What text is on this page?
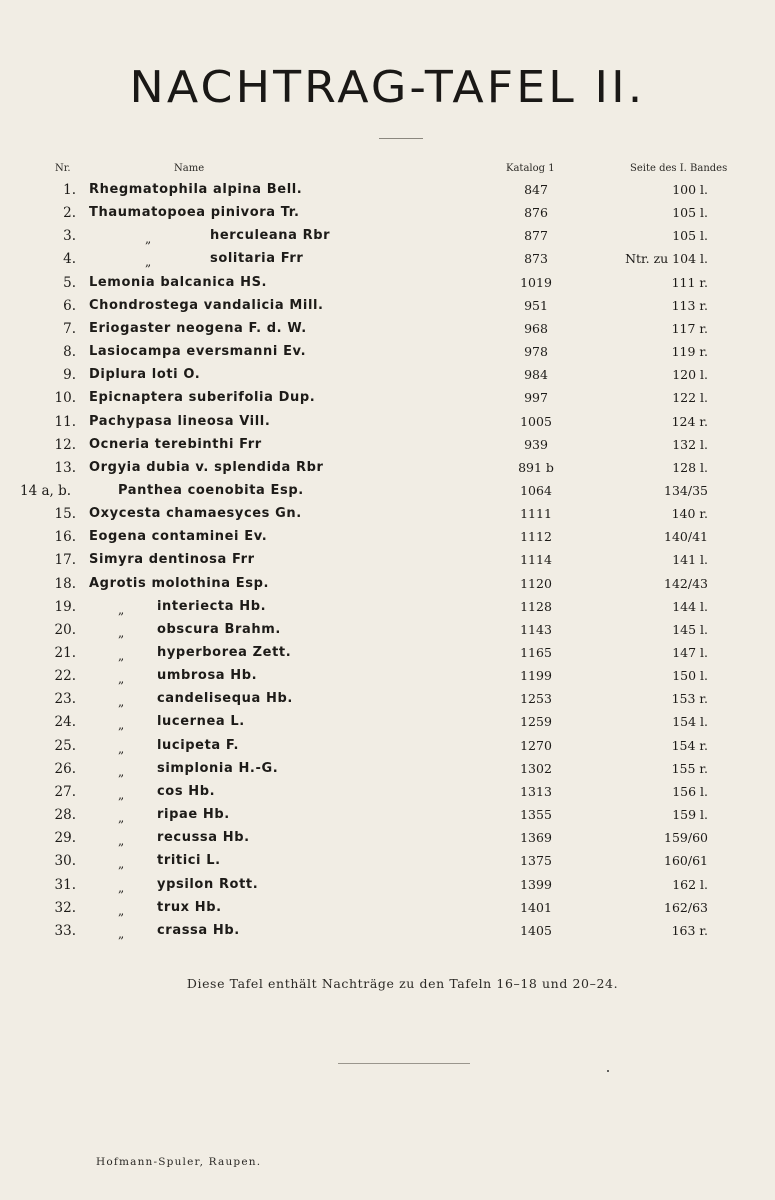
NACHTRAG-TAFEL II.
Nr.	Name	Katalog 1	Seite des I. Bandes
1. Rhegmatophila alpina Bell.	847	100 l.
2. Thaumatopoea pinivora Tr.	876	105 l.
3.	„	herculeana Rbr	877	105 l.
4.	„	solitaria Frr	873	Ntr. zu 104 l.
5. Lemonia balcanica HS.	1019	111 r.
6. Chondrostega vandalicia Mill.	951	113 r.
7. Eriogaster neogena F. d. W.	968	117 r.
8. Lasiocampa eversmanni Ev.	978	119 r.
9. Diplura loti O.	984	120 l.
10. Epicnaptera suberifolia Dup.	997	122 l.
11. Pachypasa lineosa Vill.	1005	124 r.
12. Ocneria terebinthi Frr	939	132 l.
13. Orgyia dubia v. splendida Rbr	891 b	128 l.
14 a, b.	Panthea coenobita Esp.	1064	134/35
15. Oxycesta chamaesyces Gn.	1111	140 r.
16. Eogena contaminei Ev.	1112	140/41
17. Simyra dentinosa Frr	1114	141 l.
18. Agrotis molothina Esp.	1120	142/43
19.	„	interiecta Hb.	1128	144 l.
20.	„	obscura Brahm.	1143	145 l.
21.	„	hyperborea Zett.	1165	147 l.
22.	„	umbrosa Hb.	1199	150 l.
23.	„	candelisequa Hb.	1253	153 r.
24.	„	lucernea L.	1259	154 l.
25.	„	lucipeta F.	1270	154 r.
26.	„	simplonia H.-G.	1302	155 r.
27.	„	cos Hb.	1313	156 l.
28.	„	ripae Hb.	1355	159 l.
29.	„	recussa Hb.	1369	159/60
30.	„	tritici L.	1375	160/61
31.	„	ypsilon Rott.	1399	162 l.
32.	„	trux Hb.	1401	162/63
33.	„	crassa Hb.	1405	163 r.
Diese Tafel enthält Nachträge zu den Tafeln 16–18 und 20–24.
Hofmann-Spuler, Raupen.
